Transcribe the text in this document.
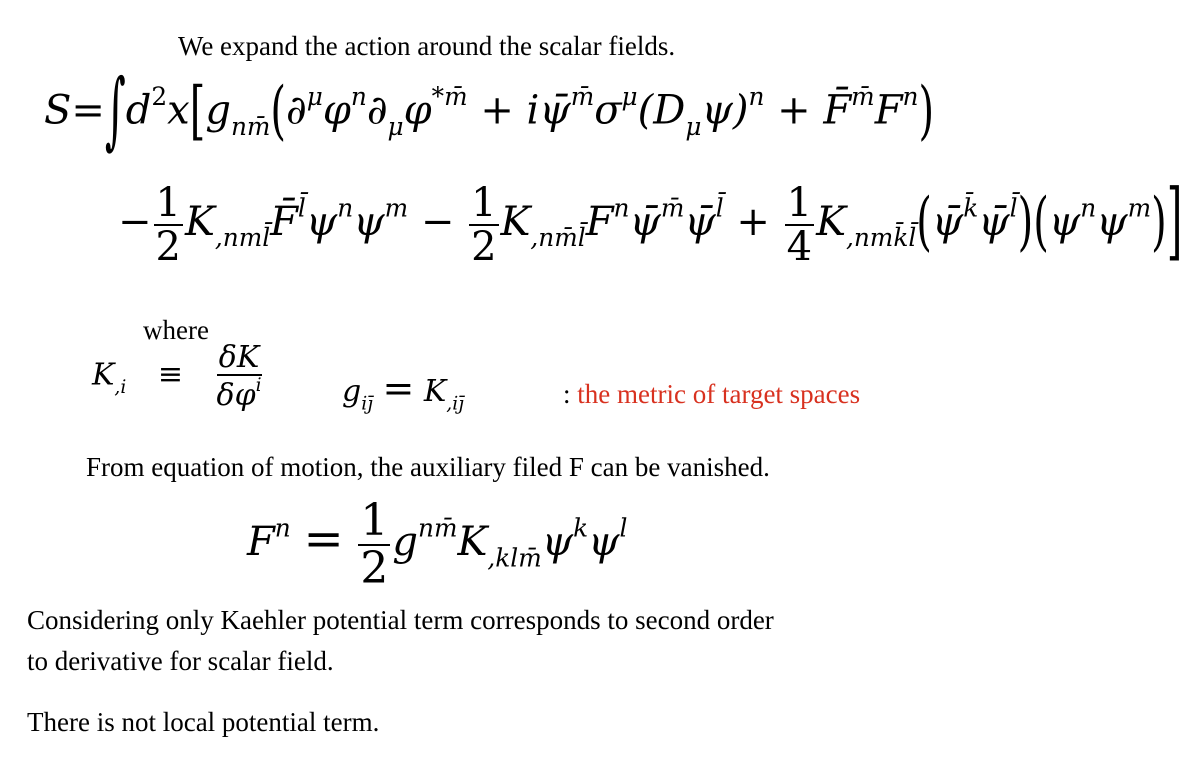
We expand the action around the scalar fields.
$S=\int d^2x[g_{nm̄}(\partial^\mu\varphi^n\partial_\mu\varphi^{*m̄}$ + $i\psī^{m̄}\sigma^\mu(D_\mu\psi)^n$ + $F̄^{m̄}F^n$)
− $\frac{1}{2}$ $K_{,nml̄}F̄^{l̄}\psi^n\psi^m - \frac{1}{2}$ $K_{,nm̄l̄}F^n\psī^{m̄}\psī^{l̄} + \frac{1}{4}$ $K_{,nmk̄l̄}(\psī^{k̄}\psī^{l̄})(\psi^n\psi^m)$]
where
$K_{,i} \equiv \frac{\delta K}{\delta\varphi^i}$	$g_{ij̄} = K_{,ij̄}$	: the metric of target spaces
From equation of motion, the auxiliary filed F can be vanished.
$F^n = \frac{1}{2} g^{nm̄}K_{,klm̄}\psi^k\psi^l$
Considering only Kaehler potential term corresponds to second order
to derivative for scalar field.
There is not local potential term.
